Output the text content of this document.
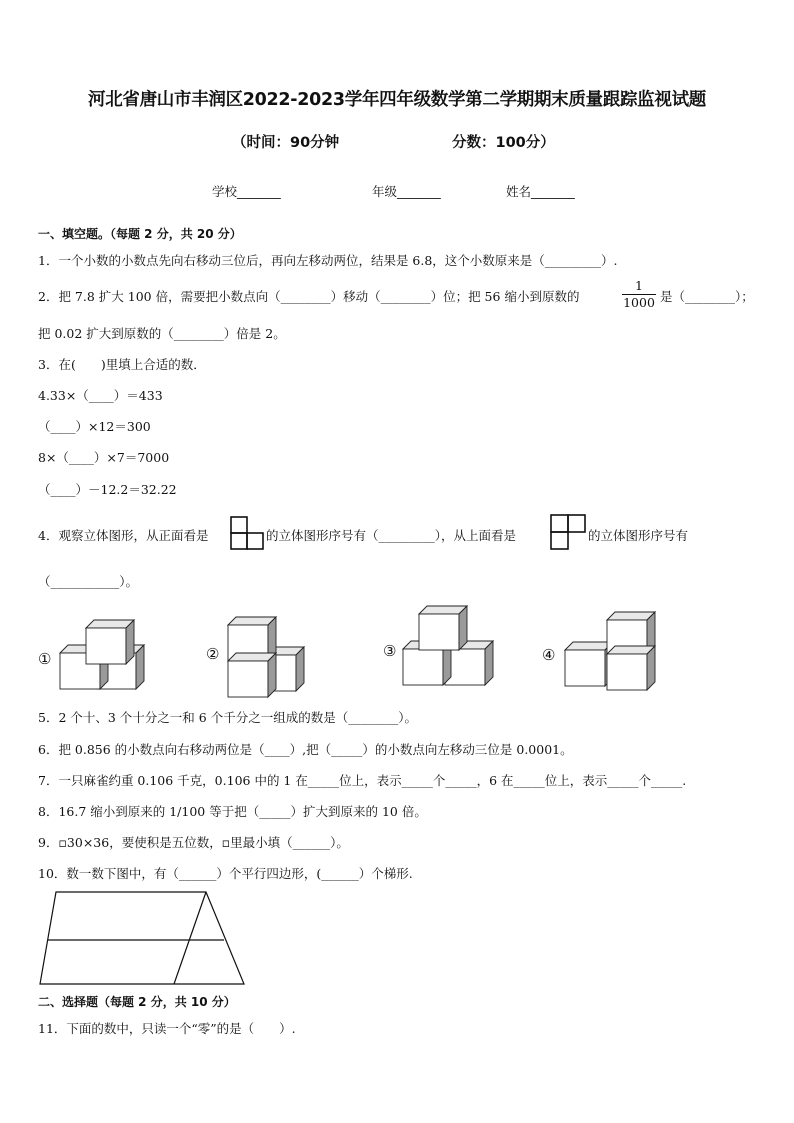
河北省唐山市丰润区2022-2023学年四年级数学第二学期期末质量跟踪监视试题
（时间：90分钟	分数：100分）
学校_______	年级_______	姓名_______
一、填空题。（每题 2 分，共 20 分）
1．一个小数的小数点先向右移动三位后，再向左移动两位，结果是 6.8，这个小数原来是（_________）.
2．把 7.8 扩大 100 倍，需要把小数点向（________）移动（________）位；把 56 缩小到原数的	$\frac{1}{1000}$ 是（________）；
把 0.02 扩大到原数的（________）倍是 2。
3．在(　　)里填上合适的数．
4.33×（____）＝433
（____）×12＝300
8×（____）×7＝7000
（____）－12.2＝32.22
4．观察立体图形，从正面看是	的立体图形序号有（_________），从上面看是	的立体图形序号有
（___________）。
①	②	③	④
5．2 个十、3 个十分之一和 6 个千分之一组成的数是（________）。
6．把 0.856 的小数点向右移动两位是（____）,把（_____）的小数点向左移动三位是 0.0001。
7．一只麻雀约重 0.106 千克，0.106 中的 1 在_____位上，表示_____个_____，6 在_____位上，表示_____个_____.
8．16.7 缩小到原来的 1/100 等于把（_____）扩大到原来的 10 倍。
9．▫30×36，要使积是五位数，▫里最小填（______）。
10．数一数下图中，有（______）个平行四边形，(______）个梯形.
二、选择题（每题 2 分，共 10 分）
11．下面的数中，只读一个“零”的是（　　）.
